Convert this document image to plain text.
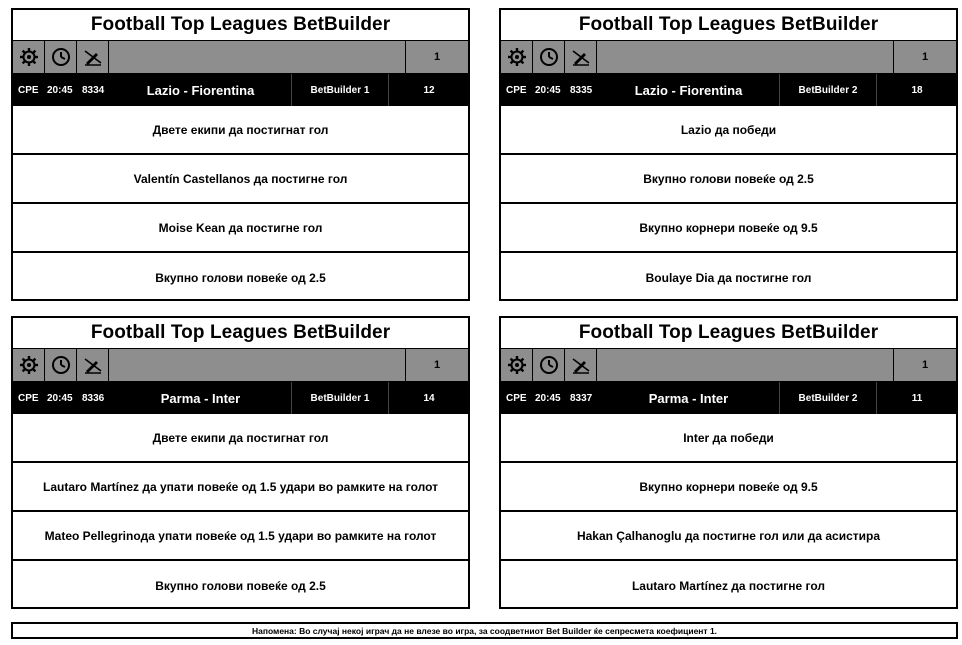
Football Top Leagues BetBuilder
1
СРЕ 20:45 8334	Lazio - Fiorentina	BetBuilder 1	12
Двете екипи да постигнат гол
Valentín Castellanos да постигне гол
Moise Kean да постигне гол
Вкупно голови повеќе од 2.5
Football Top Leagues BetBuilder
1
СРЕ 20:45 8335	Lazio - Fiorentina	BetBuilder 2	18
Lazio да победи
Вкупно голови повеќе од 2.5
Вкупно корнери повеќе од 9.5
Boulaye Dia да постигне гол
Football Top Leagues BetBuilder
1
СРЕ 20:45 8336	Parma - Inter	BetBuilder 1	14
Двете екипи да постигнат гол
Lautaro Martínez да упати повеќе од 1.5 удари во рамките на голот
Mateo Pellegrinoда упати повеќе од 1.5 удари во рамките на голот
Вкупно голови повеќе од 2.5
Football Top Leagues BetBuilder
1
СРЕ 20:45 8337	Parma - Inter	BetBuilder 2	11
Inter да победи
Вкупно корнери повеќе од 9.5
Hakan Çalhanoglu да постигне гол или да асистира
Lautaro Martínez да постигне гол
Напомена: Во случај некој играч да не влезе во игра, за соодветниот Bet Builder ќе сепресмета коефициент 1.
